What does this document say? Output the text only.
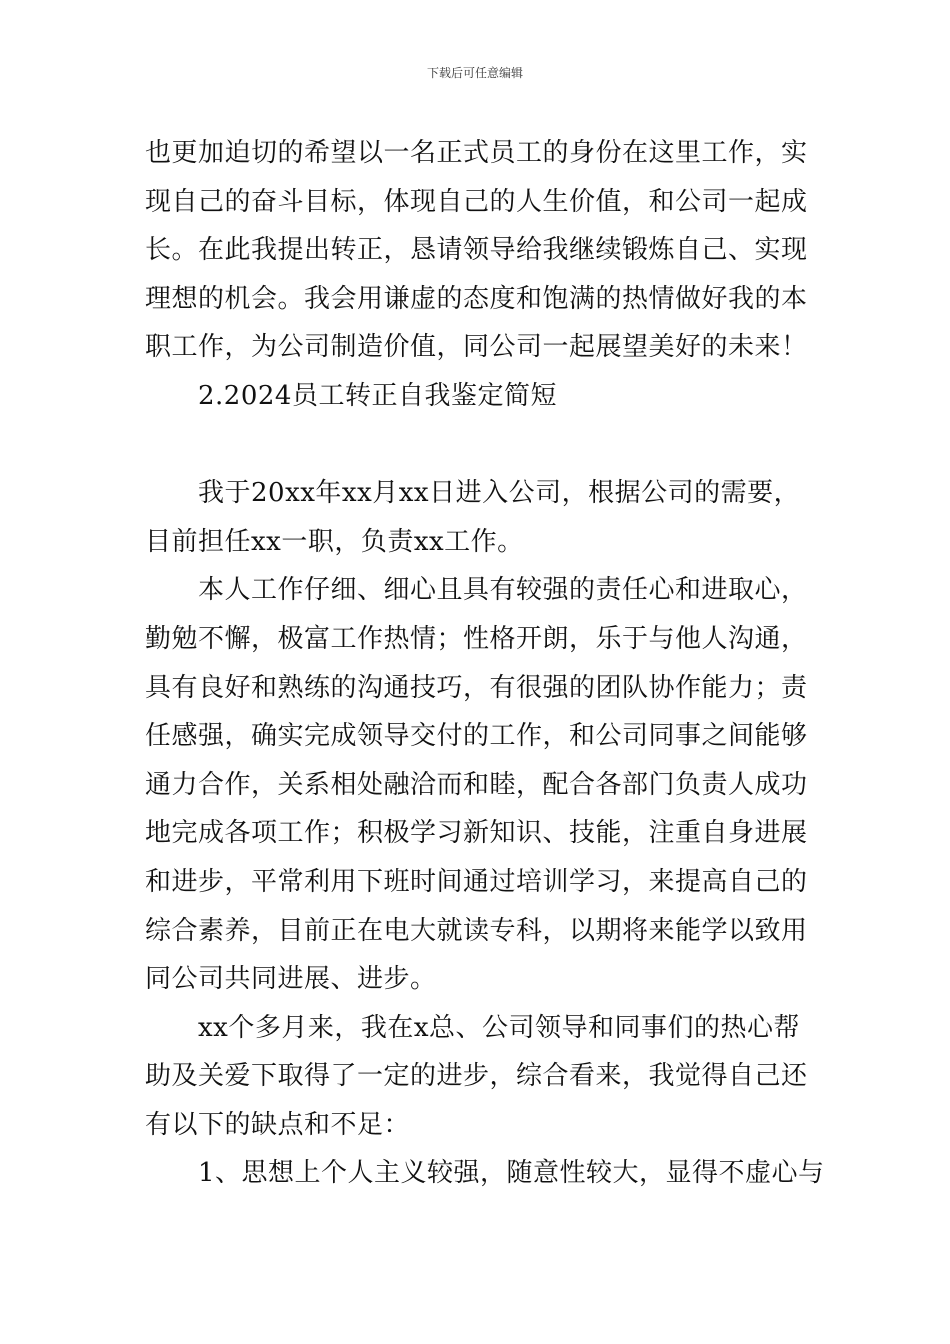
下载后可任意编辑
也更加迫切的希望以一名正式员工的身份在这里工作，实
现自己的奋斗目标，体现自己的人生价值，和公司一起成
长。在此我提出转正，恳请领导给我继续锻炼自己、实现
理想的机会。我会用谦虚的态度和饱满的热情做好我的本
职工作，为公司制造价值，同公司一起展望美好的未来！
2.2024员工转正自我鉴定简短
我于20xx年xx月xx日进入公司，根据公司的需要，
目前担任xx一职，负责xx工作。
本人工作仔细、细心且具有较强的责任心和进取心，
勤勉不懈，极富工作热情；性格开朗，乐于与他人沟通，
具有良好和熟练的沟通技巧，有很强的团队协作能力；责
任感强，确实完成领导交付的工作，和公司同事之间能够
通力合作，关系相处融洽而和睦，配合各部门负责人成功
地完成各项工作；积极学习新知识、技能，注重自身进展
和进步，平常利用下班时间通过培训学习，来提高自己的
综合素养，目前正在电大就读专科，以期将来能学以致用
同公司共同进展、进步。
xx个多月来，我在x总、公司领导和同事们的热心帮
助及关爱下取得了一定的进步，综合看来，我觉得自己还
有以下的缺点和不足：
1、思想上个人主义较强，随意性较大，显得不虚心与
